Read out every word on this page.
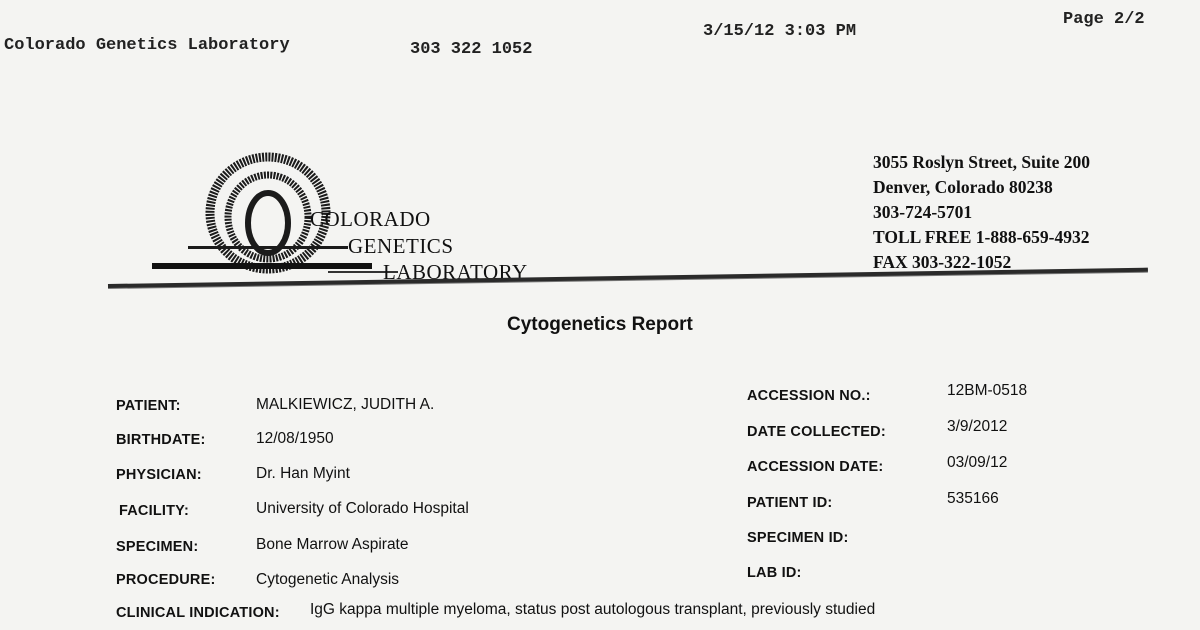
Colorado Genetics Laboratory	303 322 1052
3/15/12 3:03 PM
Page 2/2
COLORADO
GENETICS
LABORATORY
3055 Roslyn Street, Suite 200
Denver, Colorado 80238
303-724-5701
TOLL FREE 1-888-659-4932
FAX 303-322-1052
Cytogenetics Report
PATIENT:	MALKIEWICZ, JUDITH A.
BIRTHDATE:	12/08/1950
PHYSICIAN:	Dr. Han Myint
FACILITY:	University of Colorado Hospital
SPECIMEN:	Bone Marrow Aspirate
PROCEDURE:	Cytogenetic Analysis
ACCESSION NO.:	12BM-0518
DATE COLLECTED:	3/9/2012
ACCESSION DATE:	03/09/12
PATIENT ID:	535166
SPECIMEN ID:
LAB ID:
CLINICAL INDICATION: IgG kappa multiple myeloma, status post autologous transplant, previously studied
